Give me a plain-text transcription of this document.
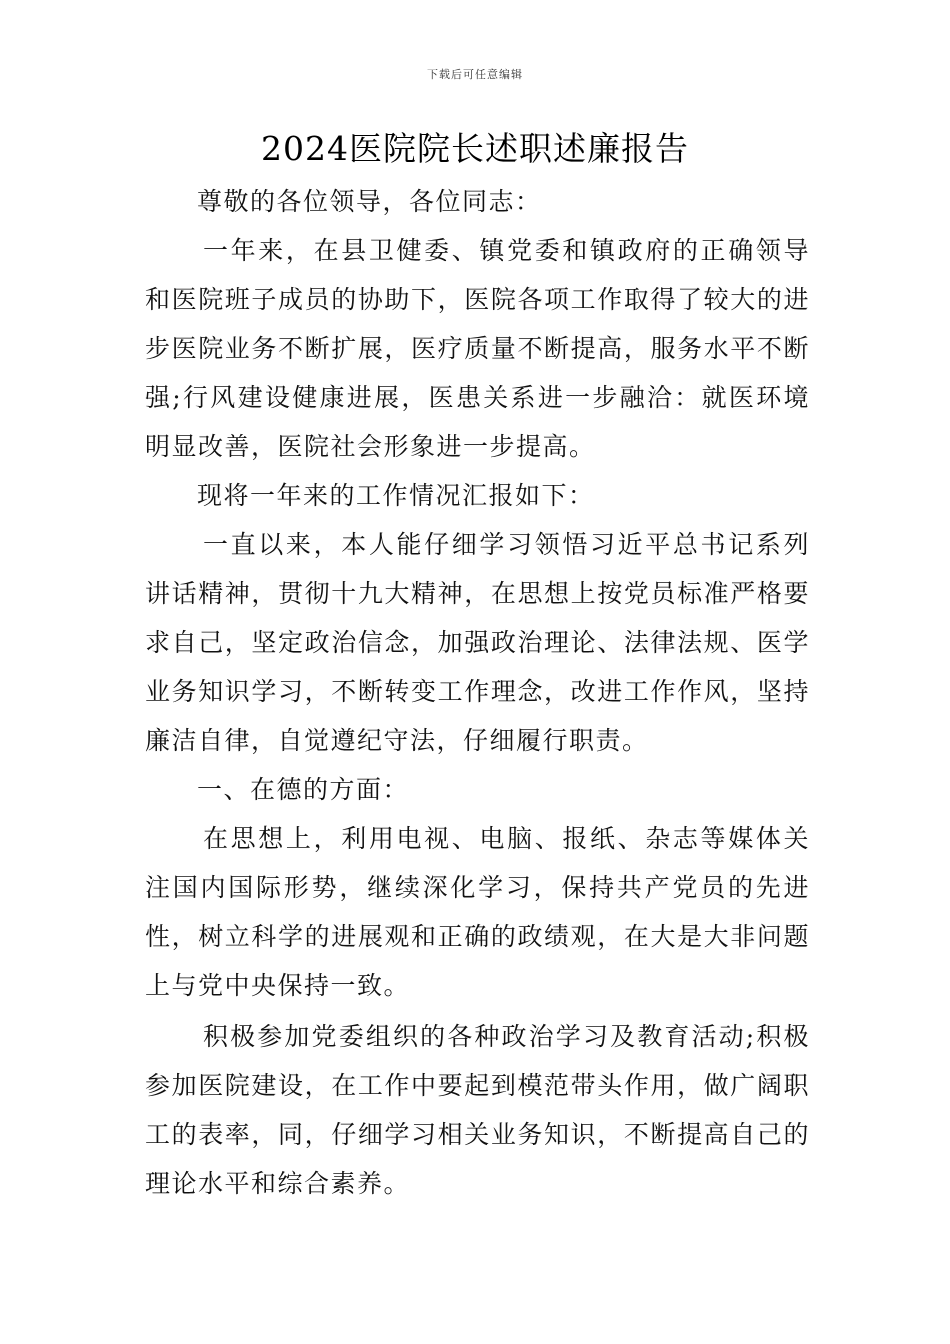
下载后可任意编辑
2024医院院长述职述廉报告

尊敬的各位领导，各位同志：

一年来，在县卫健委、镇党委和镇政府的正确领导和医院班子成员的协助下，医院各项工作取得了较大的进步医院业务不断扩展，医疗质量不断提高，服务水平不断强;行风建设健康进展，医患关系进一步融洽：就医环境明显改善，医院社会形象进一步提高。

现将一年来的工作情况汇报如下：

一直以来，本人能仔细学习领悟习近平总书记系列讲话精神，贯彻十九大精神，在思想上按党员标准严格要求自己，坚定政治信念，加强政治理论、法律法规、医学业务知识学习，不断转变工作理念，改进工作作风，坚持廉洁自律，自觉遵纪守法，仔细履行职责。

一、在德的方面：

在思想上，利用电视、电脑、报纸、杂志等媒体关注国内国际形势，继续深化学习，保持共产党员的先进性，树立科学的进展观和正确的政绩观，在大是大非问题上与党中央保持一致。

积极参加党委组织的各种政治学习及教育活动;积极参加医院建设，在工作中要起到模范带头作用，做广阔职工的表率，同，仔细学习相关业务知识，不断提高自己的理论水平和综合素养。
